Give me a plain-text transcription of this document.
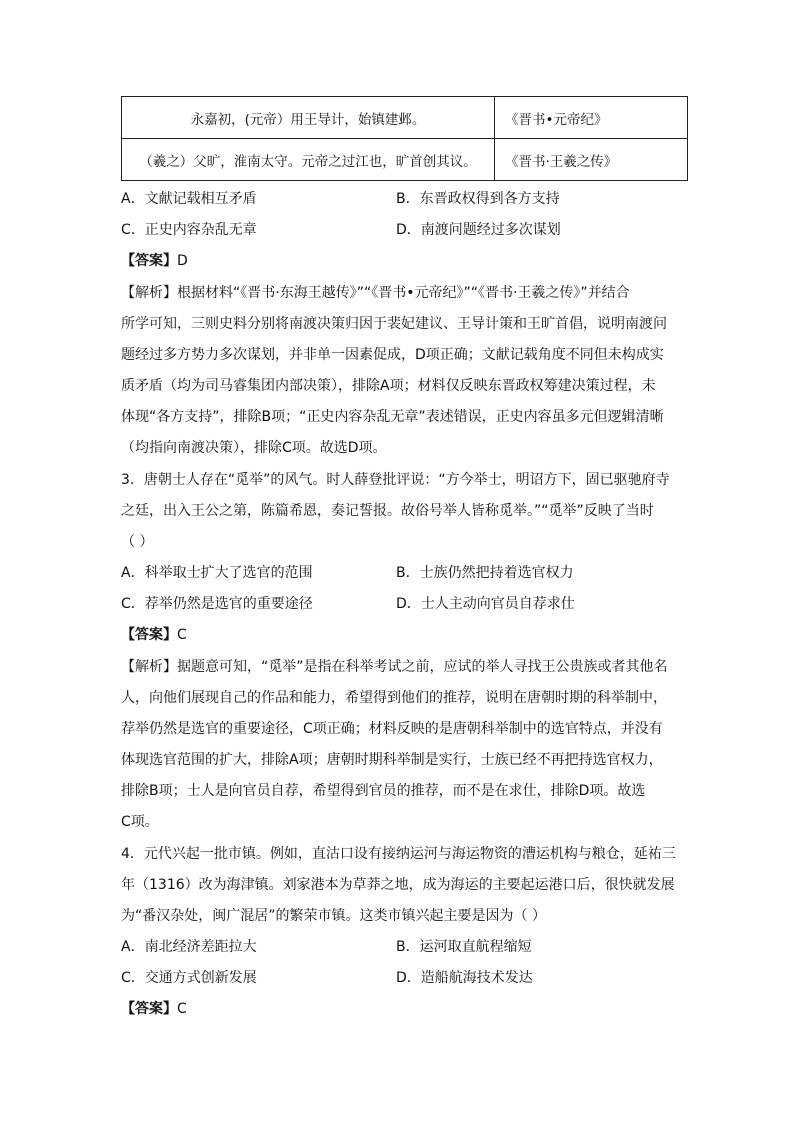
永嘉初，(元帝）用王导计，始镇建邺。	《晋书•元帝纪》
（羲之）父旷，淮南太守。元帝之过江也，旷首创其议。	《晋书·王羲之传》
A．文献记载相互矛盾	B．东晋政权得到各方支持
C．正史内容杂乱无章	D．南渡问题经过多次谋划
【答案】D
【解析】根据材料“《晋书·东海王越传》”“《晋书•元帝纪》”“《晋书·王羲之传》”并结合
所学可知，三则史料分别将南渡决策归因于裴妃建议、王导计策和王旷首倡，说明南渡问
题经过多方势力多次谋划，并非单一因素促成，D项正确；文献记载角度不同但未构成实
质矛盾（均为司马睿集团内部决策），排除A项；材料仅反映东晋政权筹建决策过程，未
体现“各方支持”，排除B项；“正史内容杂乱无章”表述错误，正史内容虽多元但逻辑清晰
（均指向南渡决策），排除C项。故选D项。
3．唐朝士人存在“觅举”的风气。时人薛登批评说：“方今举士，明诏方下，固已驱驰府寺
之廷，出入王公之第，陈篇希恩，奏记誓报。故俗号举人皆称觅举。”“觅举”反映了当时
（ ）
A．科举取士扩大了选官的范围	B．士族仍然把持着选官权力
C．荐举仍然是选官的重要途径	D．士人主动向官员自荐求仕
【答案】C
【解析】据题意可知，“觅举”是指在科举考试之前，应试的举人寻找王公贵族或者其他名
人，向他们展现自己的作品和能力，希望得到他们的推荐，说明在唐朝时期的科举制中，
荐举仍然是选官的重要途径，C项正确；材料反映的是唐朝科举制中的选官特点，并没有
体现选官范围的扩大，排除A项；唐朝时期科举制是实行，士族已经不再把持选官权力，
排除B项；士人是向官员自荐，希望得到官员的推荐，而不是在求仕，排除D项。故选
C项。
4．元代兴起一批市镇。例如，直沽口设有接纳运河与海运物资的漕运机构与粮仓，延祐三
年（1316）改为海津镇。刘家港本为草莽之地，成为海运的主要起运港口后，很快就发展
为“番汉杂处，闽广混居”的繁荣市镇。这类市镇兴起主要是因为（ ）
A．南北经济差距拉大	B．运河取直航程缩短
C．交通方式创新发展	D．造船航海技术发达
【答案】C
